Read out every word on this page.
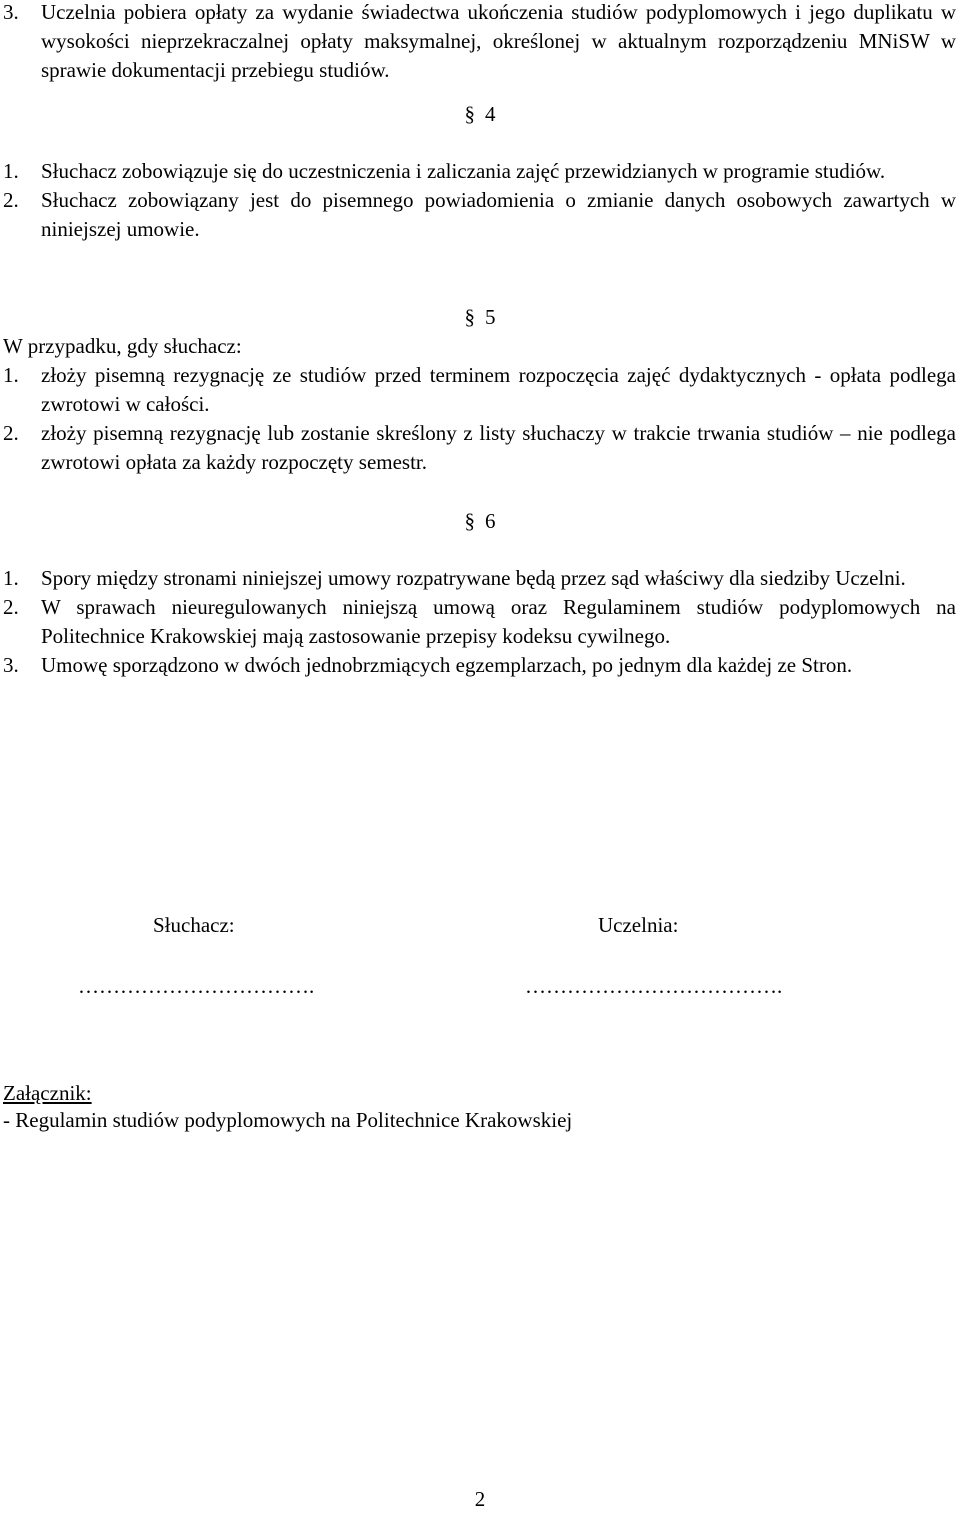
3.	Uczelnia pobiera opłaty za wydanie świadectwa ukończenia studiów podyplomowych i jego duplikatu w wysokości nieprzekraczalnej opłaty maksymalnej, określonej w aktualnym rozporządzeniu MNiSW w sprawie dokumentacji przebiegu studiów.
§ 4
1.	Słuchacz zobowiązuje się do uczestniczenia i zaliczania zajęć przewidzianych w programie studiów.
2.	Słuchacz zobowiązany jest do pisemnego powiadomienia o zmianie danych osobowych zawartych w niniejszej umowie.
§ 5
W przypadku, gdy słuchacz:
1.	złoży pisemną rezygnację ze studiów przed terminem rozpoczęcia zajęć dydaktycznych - opłata podlega zwrotowi w całości.
2.	złoży pisemną rezygnację lub zostanie skreślony z listy słuchaczy w trakcie trwania studiów – nie podlega zwrotowi opłata za każdy rozpoczęty semestr.
§ 6
1.	Spory między stronami niniejszej umowy rozpatrywane będą przez sąd właściwy dla siedziby Uczelni.
2.	W sprawach nieuregulowanych niniejszą umową oraz Regulaminem studiów podyplomowych na Politechnice Krakowskiej mają zastosowanie przepisy kodeksu cywilnego.
3.	Umowę sporządzono w dwóch jednobrzmiących egzemplarzach, po jednym dla każdej ze Stron.
Słuchacz:	Uczelnia:
…………………………….	……………………………….
Załącznik:
- Regulamin studiów podyplomowych na Politechnice Krakowskiej
2
